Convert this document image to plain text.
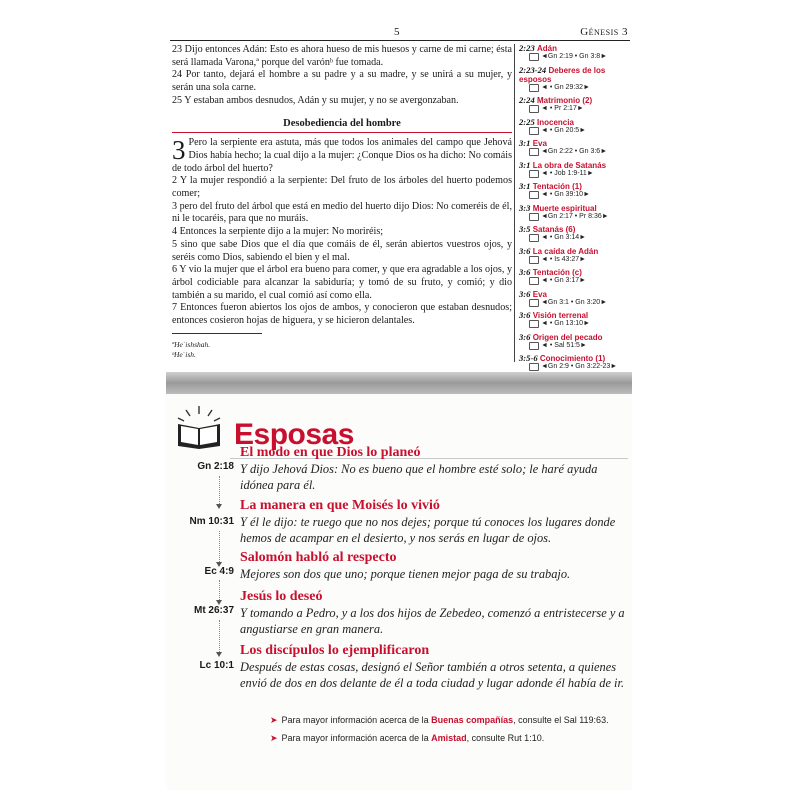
5	Génesis 3

23 Dijo entonces Adán: Esto es ahora hueso de mis huesos y carne de mi carne; ésta será llamada Varona,ª porque del varónᵇ fue tomada.

24 Por tanto, dejará el hombre a su padre y a su madre, y se unirá a su mujer, y serán una sola carne.

25 Y estaban ambos desnudos, Adán y su mujer, y no se avergonzaban.

Desobediencia del hombre

3 Pero la serpiente era astuta, más que todos los animales del campo que Jehová Dios había hecho; la cual dijo a la mujer: ¿Conque Dios os ha dicho: No comáis de todo árbol del huerto?

2 Y la mujer respondió a la serpiente: Del fruto de los árboles del huerto podemos comer;

3 pero del fruto del árbol que está en medio del huerto dijo Dios: No comeréis de él, ni le tocaréis, para que no muráis.

4 Entonces la serpiente dijo a la mujer: No moriréis;

5 sino que sabe Dios que el día que comáis de él, serán abiertos vuestros ojos, y seréis como Dios, sabiendo el bien y el mal.

6 Y vio la mujer que el árbol era bueno para comer, y que era agradable a los ojos, y árbol codiciable para alcanzar la sabiduría; y tomó de su fruto, y comió; y dio también a su marido, el cual comió así como ella.

7 Entonces fueron abiertos los ojos de ambos, y conocieron que estaban desnudos; entonces cosieron hojas de higuera, y se hicieron delantales.

ªHeˈishshah.
ᵇHeˈish.
2:23 Adán
◄Gn 2:19 • Gn 3:8►
2:23-24 Deberes de los esposos
◄ • Gn 29:32►
2:24 Matrimonio (2)
◄ • Pr 2:17►
2:25 Inocencia
◄ • Gn 20:5►
3:1 Eva
◄Gn 2:22 • Gn 3:6►
3:1 La obra de Satanás
◄ • Job 1:9-11►
3:1 Tentación (1)
◄ • Gn 39:10►
3:3 Muerte espiritual
◄Gn 2:17 • Pr 8:36►
3:5 Satanás (6)
◄ • Gn 3:14►
3:6 La caída de Adán
◄ • Is 43:27►
3:6 Tentación (c)
◄ • Gn 3:17►
3:6 Eva
◄Gn 3:1 • Gn 3:20►
3:6 Visión terrenal
◄ • Gn 13:10►
3:6 Origen del pecado
◄ • Sal 51:5►
3:5-6 Conocimiento (1)
◄Gn 2:9 • Gn 3:22-23►
Esposas
Gn 2:18
El modo en que Dios lo planeó
Y dijo Jehová Dios: No es bueno que el hombre esté solo; le haré ayuda idónea para él.
Nm 10:31
La manera en que Moisés lo vivió
Y él le dijo: te ruego que no nos dejes; porque tú conoces los lugares donde hemos de acampar en el desierto, y nos serás en lugar de ojos.
Ec 4:9
Salomón habló al respecto
Mejores son dos que uno; porque tienen mejor paga de su trabajo.
Mt 26:37
Jesús lo deseó
Y tomando a Pedro, y a los dos hijos de Zebedeo, comenzó a entristecerse y a angustiarse en gran manera.
Lc 10:1
Los discípulos lo ejemplificaron
Después de estas cosas, designó el Señor también a otros setenta, a quienes envió de dos en dos delante de él a toda ciudad y lugar adonde él había de ir.
➤ Para mayor información acerca de la Buenas compañías, consulte el Sal 119:63.
➤ Para mayor información acerca de la Amistad, consulte Rut 1:10.
